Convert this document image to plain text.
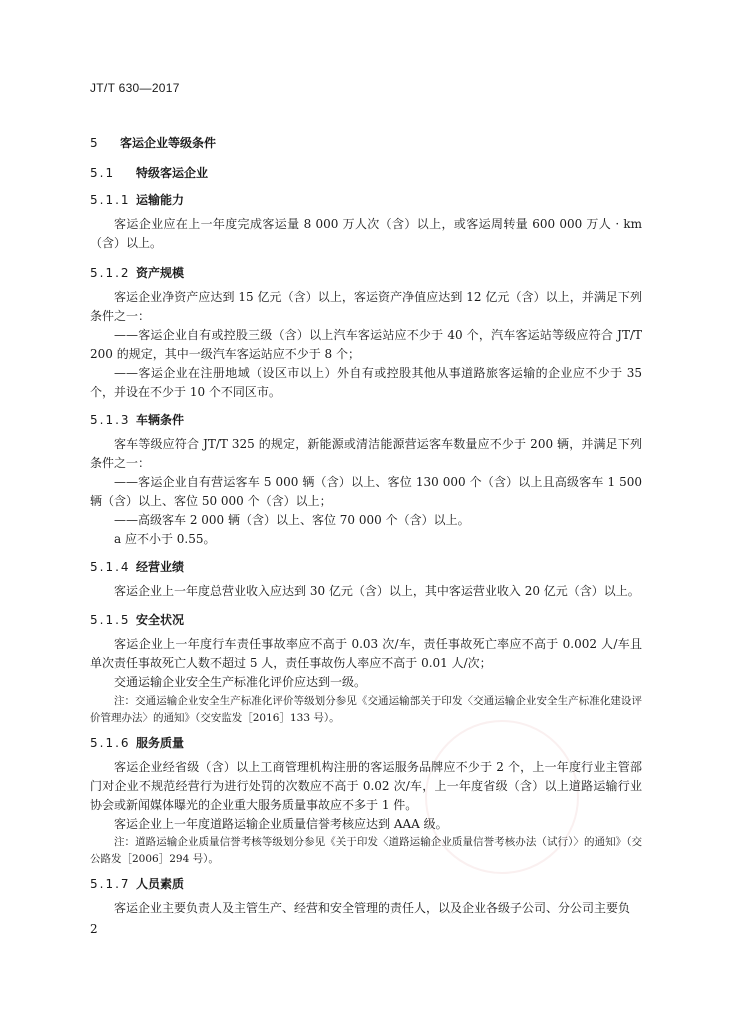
JT/T 630—2017
5 客运企业等级条件
5.1 特级客运企业
5.1.1 运输能力
客运企业应在上一年度完成客运量 8 000 万人次（含）以上，或客运周转量 600 000 万人 · km（含）以上。
5.1.2 资产规模
客运企业净资产应达到 15 亿元（含）以上，客运资产净值应达到 12 亿元（含）以上，并满足下列条件之一：
——客运企业自有或控股三级（含）以上汽车客运站应不少于 40 个，汽车客运站等级应符合 JT/T 200 的规定，其中一级汽车客运站应不少于 8 个；
——客运企业在注册地域（设区市以上）外自有或控股其他从事道路旅客运输的企业应不少于 35 个，并设在不少于 10 个不同区市。
5.1.3 车辆条件
客车等级应符合 JT/T 325 的规定，新能源或清洁能源营运客车数量应不少于 200 辆，并满足下列条件之一：
——客运企业自有营运客车 5 000 辆（含）以上、客位 130 000 个（含）以上且高级客车 1 500 辆（含）以上、客位 50 000 个（含）以上；
——高级客车 2 000 辆（含）以上、客位 70 000 个（含）以上。
a 应不小于 0.55。
5.1.4 经营业绩
客运企业上一年度总营业收入应达到 30 亿元（含）以上，其中客运营业收入 20 亿元（含）以上。
5.1.5 安全状况
客运企业上一年度行车责任事故率应不高于 0.03 次/车，责任事故死亡率应不高于 0.002 人/车且单次责任事故死亡人数不超过 5 人，责任事故伤人率应不高于 0.01 人/次；
交通运输企业安全生产标准化评价应达到一级。
注：交通运输企业安全生产标准化评价等级划分参见《交通运输部关于印发〈交通运输企业安全生产标准化建设评价管理办法〉的通知》（交安监发［2016］133 号）。
5.1.6 服务质量
客运企业经省级（含）以上工商管理机构注册的客运服务品牌应不少于 2 个，上一年度行业主管部门对企业不规范经营行为进行处罚的次数应不高于 0.02 次/车，上一年度省级（含）以上道路运输行业协会或新闻媒体曝光的企业重大服务质量事故应不多于 1 件。
客运企业上一年度道路运输企业质量信誉考核应达到 AAA 级。
注：道路运输企业质量信誉考核等级划分参见《关于印发〈道路运输企业质量信誉考核办法（试行）〉的通知》（交公路发［2006］294 号）。
5.1.7 人员素质
客运企业主要负责人及主管生产、经营和安全管理的责任人，以及企业各级子公司、分公司主要负
2
